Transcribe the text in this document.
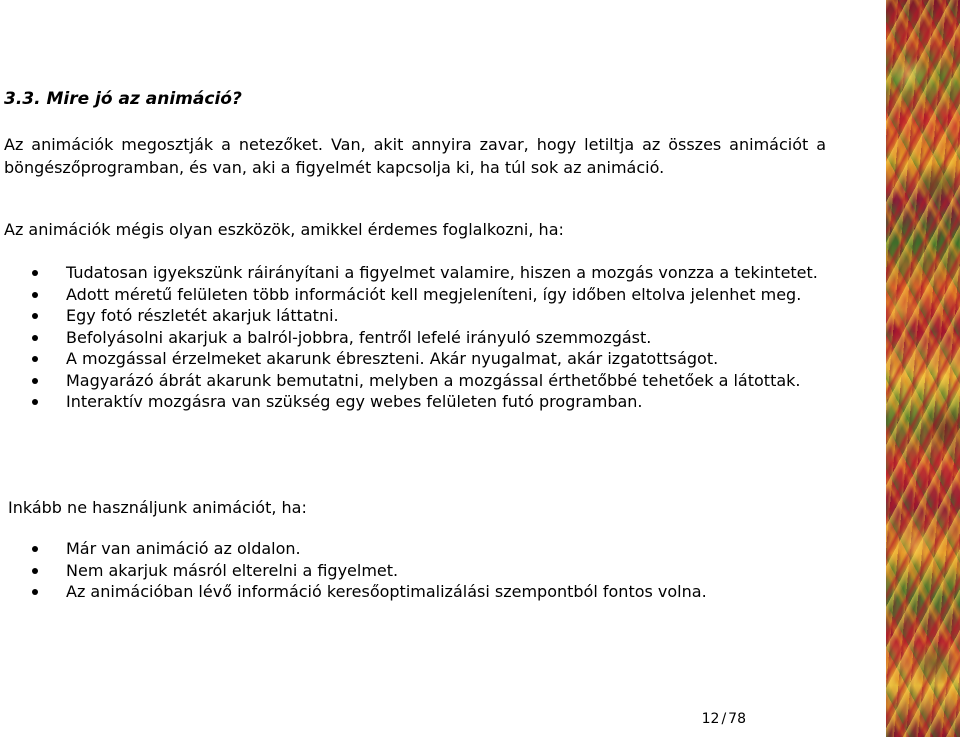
3.3. Mire jó az animáció?

Az animációk megosztják a netezőket. Van, akit annyira zavar, hogy letiltja az összes animációt a böngészőprogramban, és van, aki a figyelmét kapcsolja ki, ha túl sok az animáció.

Az animációk mégis olyan eszközök, amikkel érdemes foglalkozni, ha:

Tudatosan igyekszünk ráirányítani a figyelmet valamire, hiszen a mozgás vonzza a tekintetet.
Adott méretű felületen több információt kell megjeleníteni, így időben eltolva jelenhet meg.
Egy fotó részletét akarjuk láttatni.
Befolyásolni akarjuk a balról-jobbra, fentről lefelé irányuló szemmozgást.
A mozgással érzelmeket akarunk ébreszteni. Akár nyugalmat, akár izgatottságot.
Magyarázó ábrát akarunk bemutatni, melyben a mozgással érthetőbbé tehetőek a látottak.
Interaktív mozgásra van szükség egy webes felületen futó programban.

Inkább ne használjunk animációt, ha:

Már van animáció az oldalon.
Nem akarjuk másról elterelni a figyelmet.
Az animációban lévő információ keresőoptimalizálási szempontból fontos volna.
12 / 78
